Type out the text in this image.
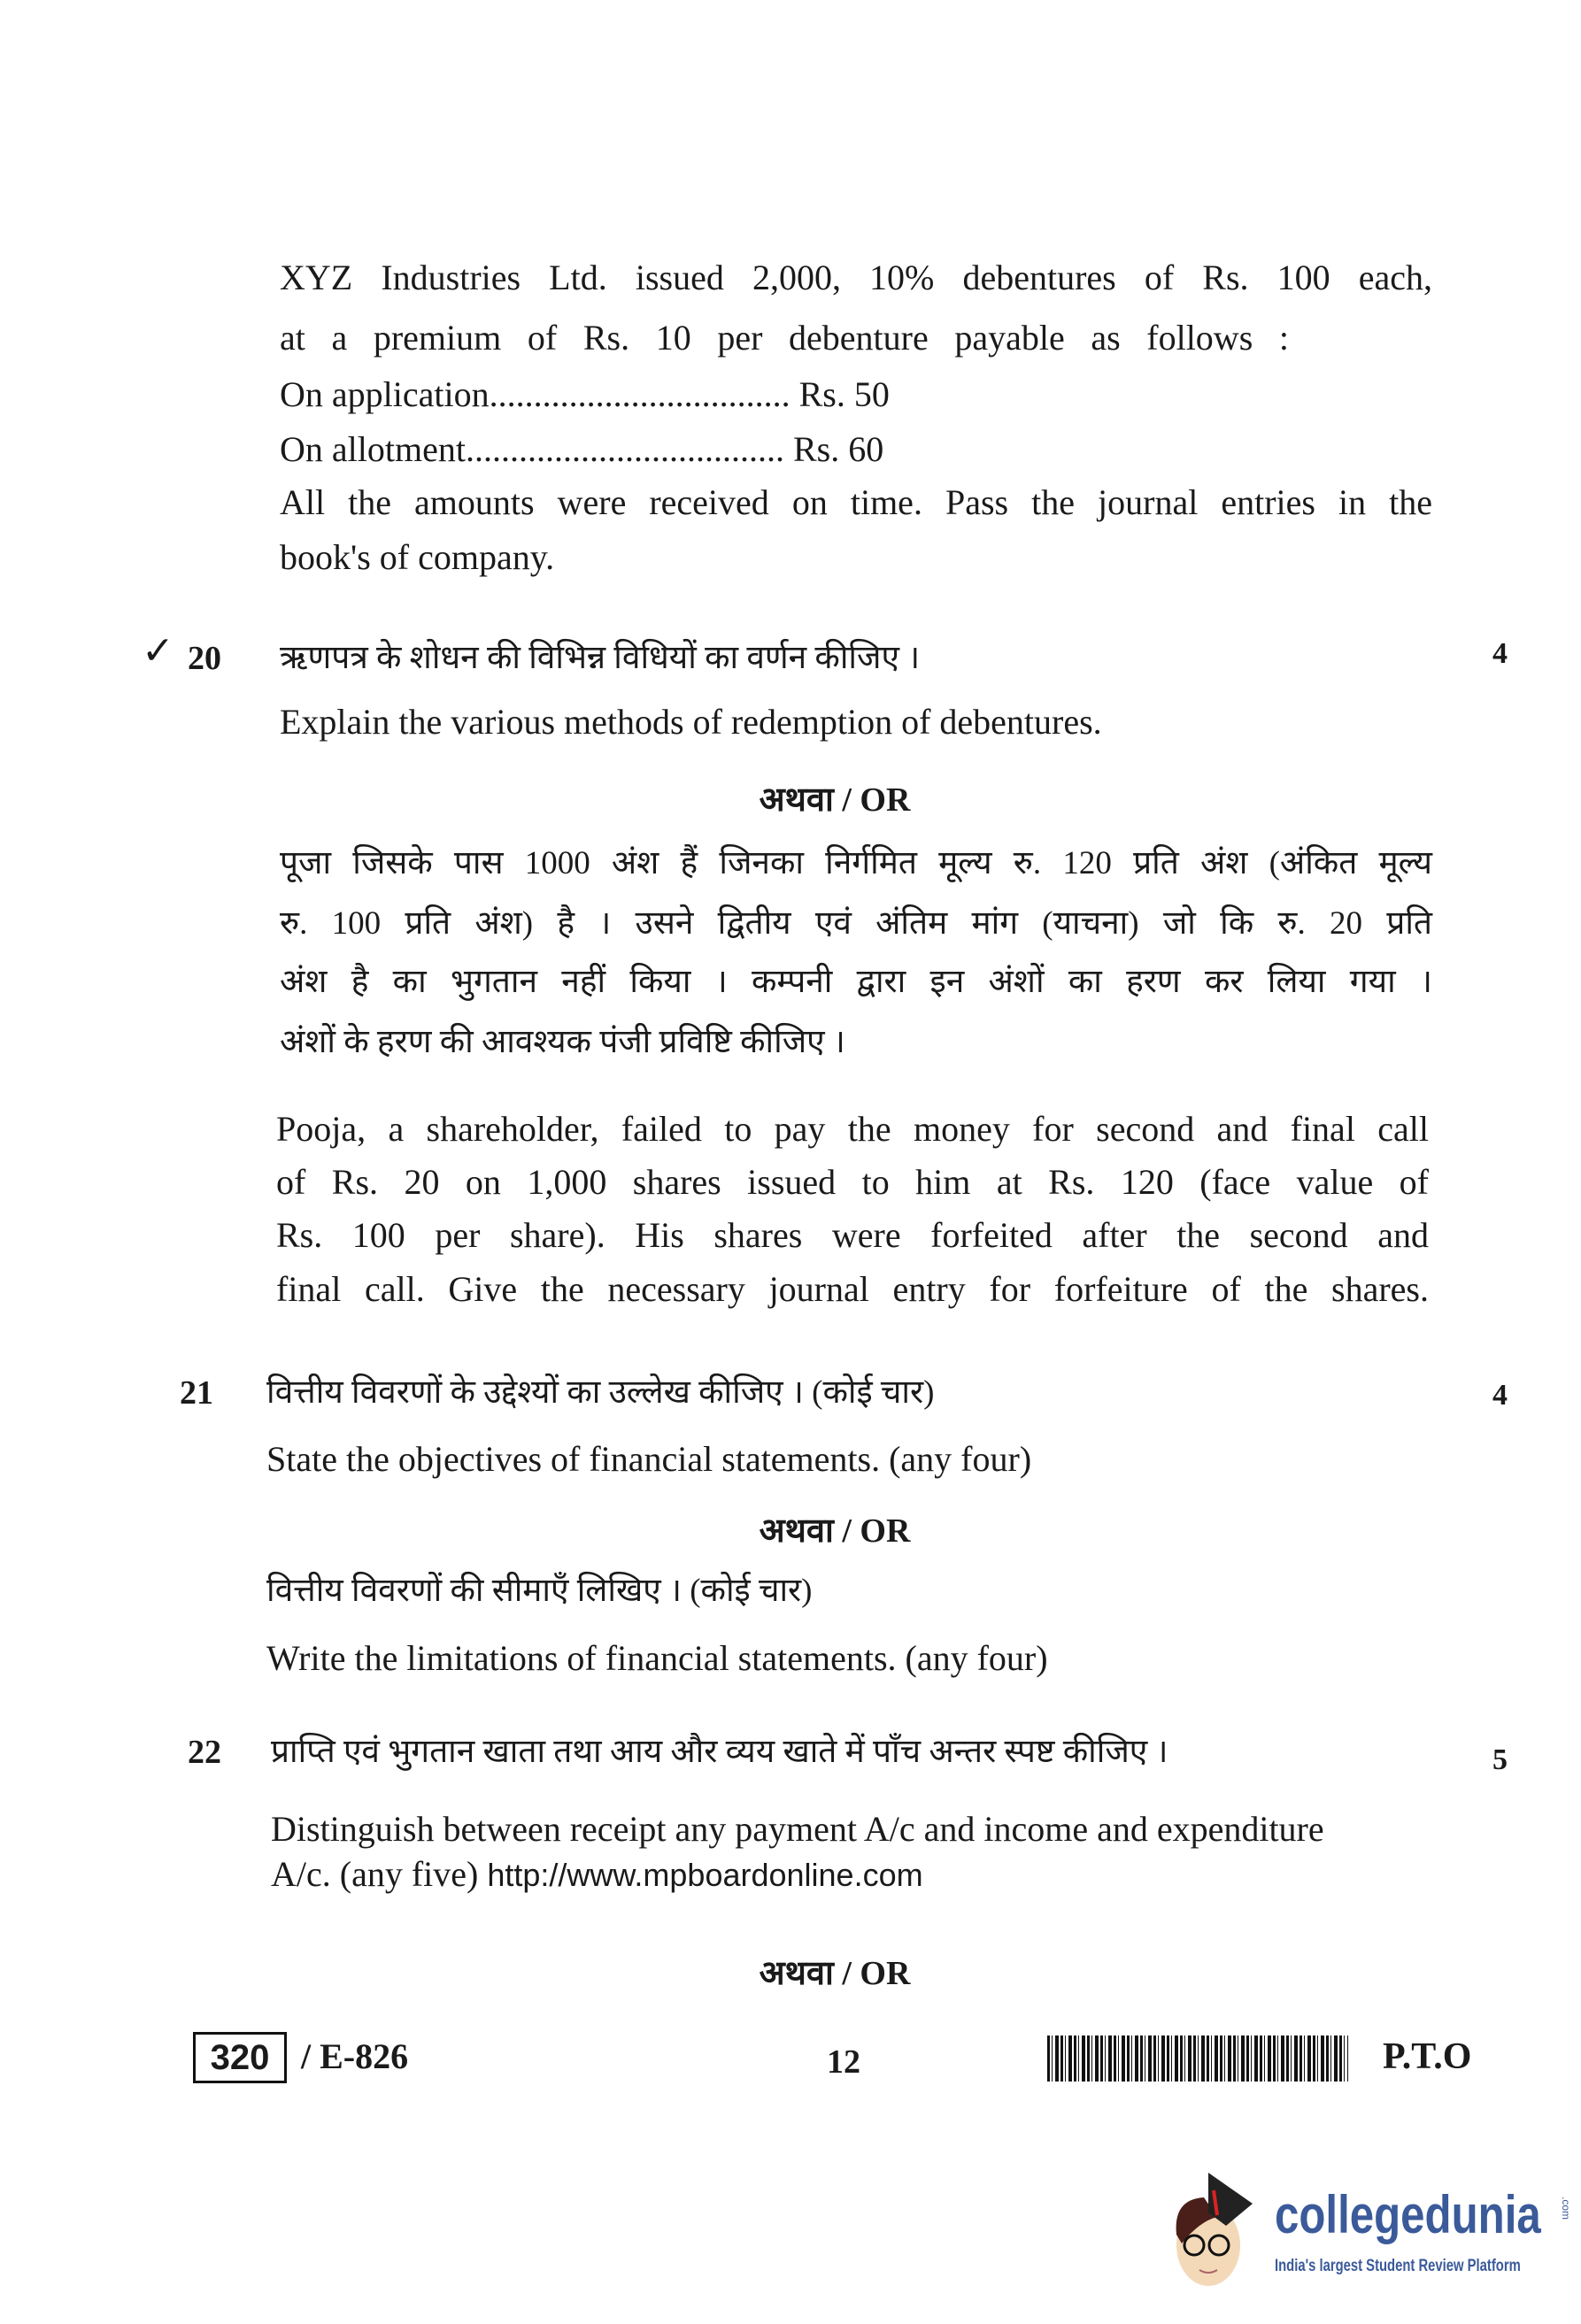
XYZ Industries Ltd. issued 2,000, 10% debentures of Rs. 100 each,
at a premium of Rs. 10 per debenture payable as follows :
On application.................................. Rs. 50
On allotment.................................... Rs. 60
All the amounts were received on time. Pass the journal entries in the
book's of company.
✓ 20 ऋणपत्र के शोधन की विभिन्न विधियों का वर्णन कीजिए ।	4
Explain the various methods of redemption of debentures.
अथवा / OR
पूजा जिसके पास 1000 अंश हैं जिनका निर्गमित मूल्य रु. 120 प्रति अंश (अंकित मूल्य
रु. 100 प्रति अंश) है । उसने द्वितीय एवं अंतिम मांग (याचना) जो कि रु. 20 प्रति
अंश है का भुगतान नहीं किया । कम्पनी द्वारा इन अंशों का हरण कर लिया गया ।
अंशों के हरण की आवश्यक पंजी प्रविष्टि कीजिए ।
Pooja, a shareholder, failed to pay the money for second and final call
of Rs. 20 on 1,000 shares issued to him at Rs. 120 (face value of
Rs. 100 per share). His shares were forfeited after the second and
final call. Give the necessary journal entry for forfeiture of the shares.
21 वित्तीय विवरणों के उद्देश्यों का उल्लेख कीजिए । (कोई चार)	4
State the objectives of financial statements. (any four)
अथवा / OR
वित्तीय विवरणों की सीमाएँ लिखिए । (कोई चार)
Write the limitations of financial statements. (any four)
22 प्राप्ति एवं भुगतान खाता तथा आय और व्यय खाते में पाँच अन्तर स्पष्ट कीजिए ।	5
Distinguish between receipt any payment A/c and income and expenditure
A/c. (any five) http://www.mpboardonline.com
अथवा / OR
320 / E-826	12	P.T.O
collegedunia .com
India's largest Student Review Platform
